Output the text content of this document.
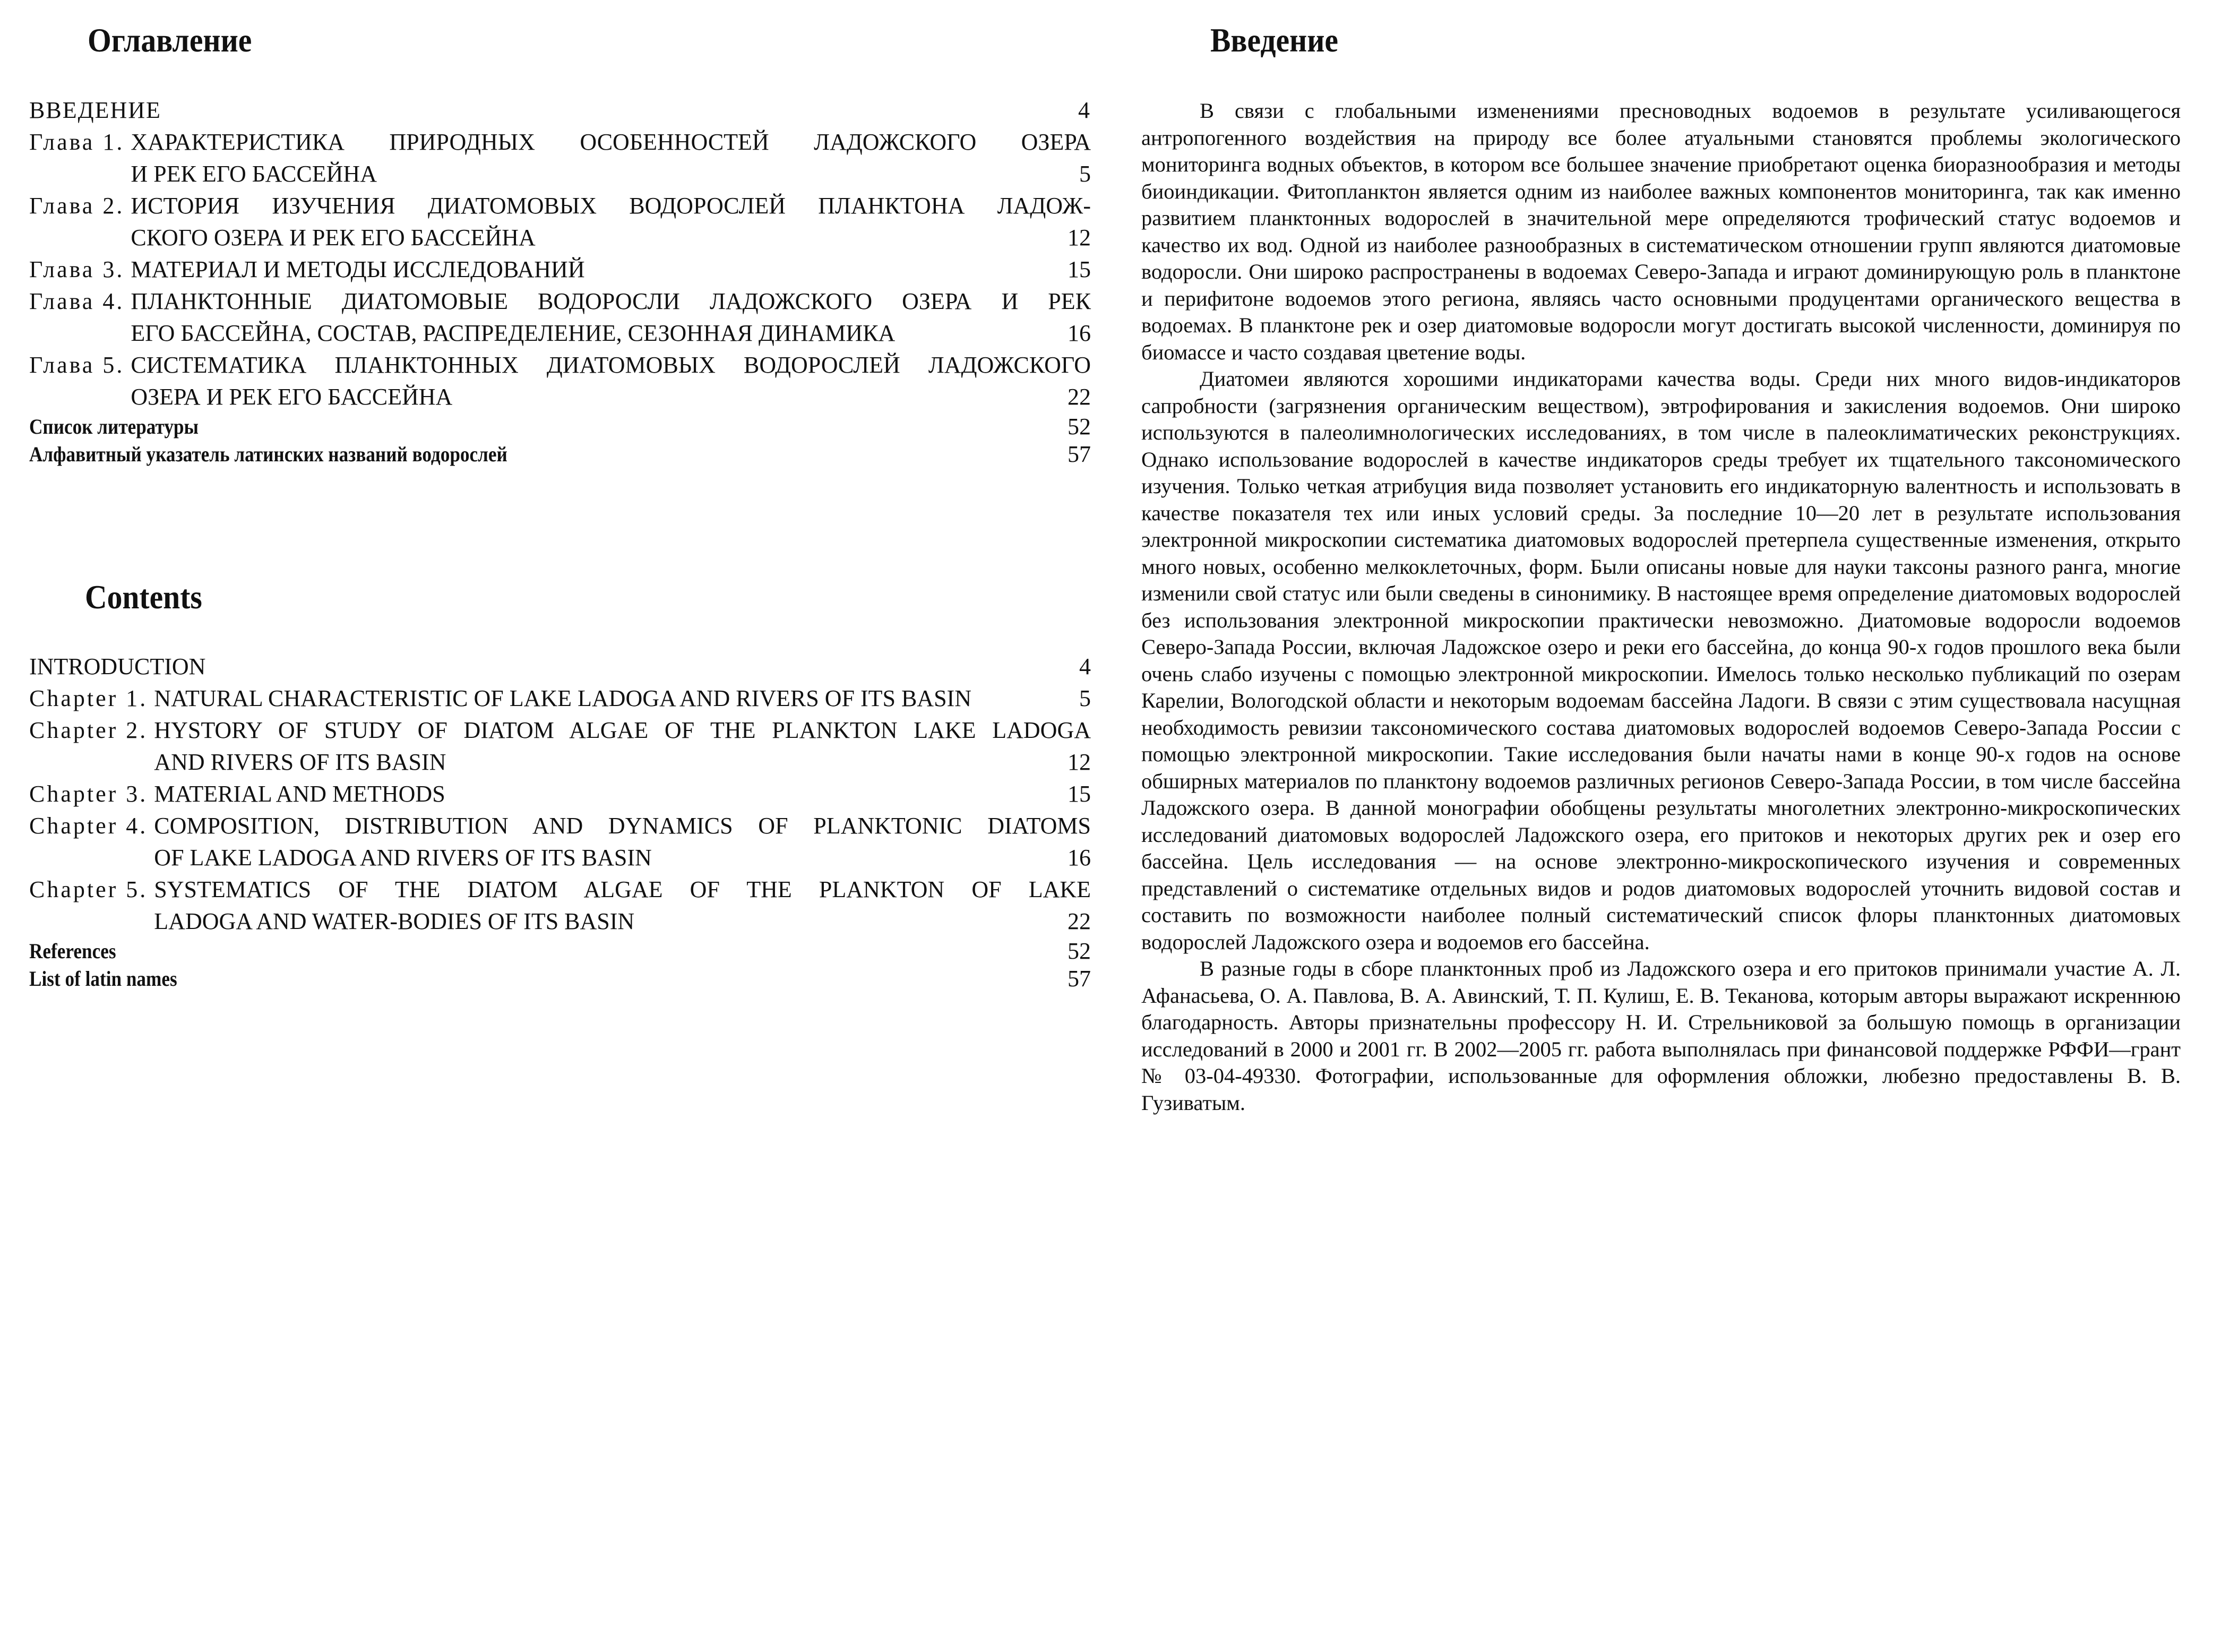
Оглавление
ВВЕДЕНИЕ	4
Глава 1. ХАРАКТЕРИСТИКА ПРИРОДНЫХ ОСОБЕННОСТЕЙ ЛАДОЖСКОГО ОЗЕРА
И РЕК ЕГО БАССЕЙНА	5
Глава 2. ИСТОРИЯ ИЗУЧЕНИЯ ДИАТОМОВЫХ ВОДОРОСЛЕЙ ПЛАНКТОНА ЛАДОЖ-
СКОГО ОЗЕРА И РЕК ЕГО БАССЕЙНА	12
Глава 3. МАТЕРИАЛ И МЕТОДЫ ИССЛЕДОВАНИЙ	15
Глава 4. ПЛАНКТОННЫЕ ДИАТОМОВЫЕ ВОДОРОСЛИ ЛАДОЖСКОГО ОЗЕРА И РЕК
ЕГО БАССЕЙНА, СОСТАВ, РАСПРЕДЕЛЕНИЕ, СЕЗОННАЯ ДИНАМИКА	16
Глава 5. СИСТЕМАТИКА ПЛАНКТОННЫХ ДИАТОМОВЫХ ВОДОРОСЛЕЙ ЛАДОЖСКОГО
ОЗЕРА И РЕК ЕГО БАССЕЙНА	22
Список литературы	52
Алфавитный указатель латинских названий водорослей	57
Contents
INTRODUCTION	4
Chapter 1. NATURAL CHARACTERISTIC OF LAKE LADOGA AND RIVERS OF ITS BASIN	5
Chapter 2. HYSTORY OF STUDY OF DIATOM ALGAE OF THE PLANKTON LAKE LADOGA
AND RIVERS OF ITS BASIN	12
Chapter 3. MATERIAL AND METHODS	15
Chapter 4. COMPOSITION, DISTRIBUTION AND DYNAMICS OF PLANKTONIC DIATOMS
OF LAKE LADOGA AND RIVERS OF ITS BASIN	16
Chapter 5. SYSTEMATICS OF THE DIATOM ALGAE OF THE PLANKTON OF LAKE
LADOGA AND WATER-BODIES OF ITS BASIN	22
References	52
List of latin names	57
Введение

В связи с глобальными изменениями пресноводных водоемов в результате усиливающегося антропогенного воздействия на природу все более атуальными становятся проблемы экологического мониторинга водных объектов, в котором все большее значение приобретают оценка биоразнообразия и методы биоиндикации. Фитопланктон является одним из наиболее важных компонентов мониторинга, так как именно развитием планктонных водорослей в значительной мере определяются трофический статус водоемов и качество их вод. Одной из наиболее разнообразных в систематическом отношении групп являются диатомовые водоросли. Они широко распространены в водоемах Северо-Запада и играют доминирующую роль в планктоне и перифитоне водоемов этого региона, являясь часто основными продуцентами органического вещества в водоемах. В планктоне рек и озер диатомовые водоросли могут достигать высокой численности, доминируя по биомассе и часто создавая цветение воды.

Диатомеи являются хорошими индикаторами качества воды. Среди них много видов-индикаторов сапробности (загрязнения органическим веществом), эвтрофирования и закисления водоемов. Они широко используются в палеолимнологических исследованиях, в том числе в палеоклиматических реконструкциях. Однако использование водорослей в качестве индикаторов среды требует их тщательного таксономического изучения. Только четкая атрибуция вида позволяет установить его индикаторную валентность и использовать в качестве показателя тех или иных условий среды. За последние 10—20 лет в результате использования электронной микроскопии систематика диатомовых водорослей претерпела существенные изменения, открыто много новых, особенно мелкоклеточных, форм. Были описаны новые для науки таксоны разного ранга, многие изменили свой статус или были сведены в синонимику. В настоящее время определение диатомовых водорослей без использования электронной микроскопии практически невозможно. Диатомовые водоросли водоемов Северо-Запада России, включая Ладожское озеро и реки его бассейна, до конца 90-х годов прошлого века были очень слабо изучены с помощью электронной микроскопии. Имелось только несколько публикаций по озерам Карелии, Вологодской области и некоторым водоемам бассейна Ладоги. В связи с этим существовала насущная необходимость ревизии таксономического состава диатомовых водорослей водоемов Северо-Запада России с помощью электронной микроскопии. Такие исследования были начаты нами в конце 90-х годов на основе обширных материалов по планктону водоемов различных регионов Северо-Запада России, в том числе бассейна Ладожского озера. В данной монографии обобщены результаты многолетних электронно-микроскопических исследований диатомовых водорослей Ладожского озера, его притоков и некоторых других рек и озер его бассейна. Цель исследования — на основе электронно-микроскопического изучения и современных представлений о систематике отдельных видов и родов диатомовых водорослей уточнить видовой состав и составить по возможности наиболее полный систематический список флоры планктонных диатомовых водорослей Ладожского озера и водоемов его бассейна.

В разные годы в сборе планктонных проб из Ладожского озера и его притоков принимали участие А. Л. Афанасьева, О. А. Павлова, В. А. Авинский, Т. П. Кулиш, Е. В. Теканова, которым авторы выражают искреннюю благодарность. Авторы признательны профессору Н. И. Стрельниковой за большую помощь в организации исследований в 2000 и 2001 гг. В 2002—2005 гг. работа выполнялась при финансовой поддержке РФФИ—грант № 03-04-49330. Фотографии, использованные для оформления обложки, любезно предоставлены В. В. Гузиватым.
